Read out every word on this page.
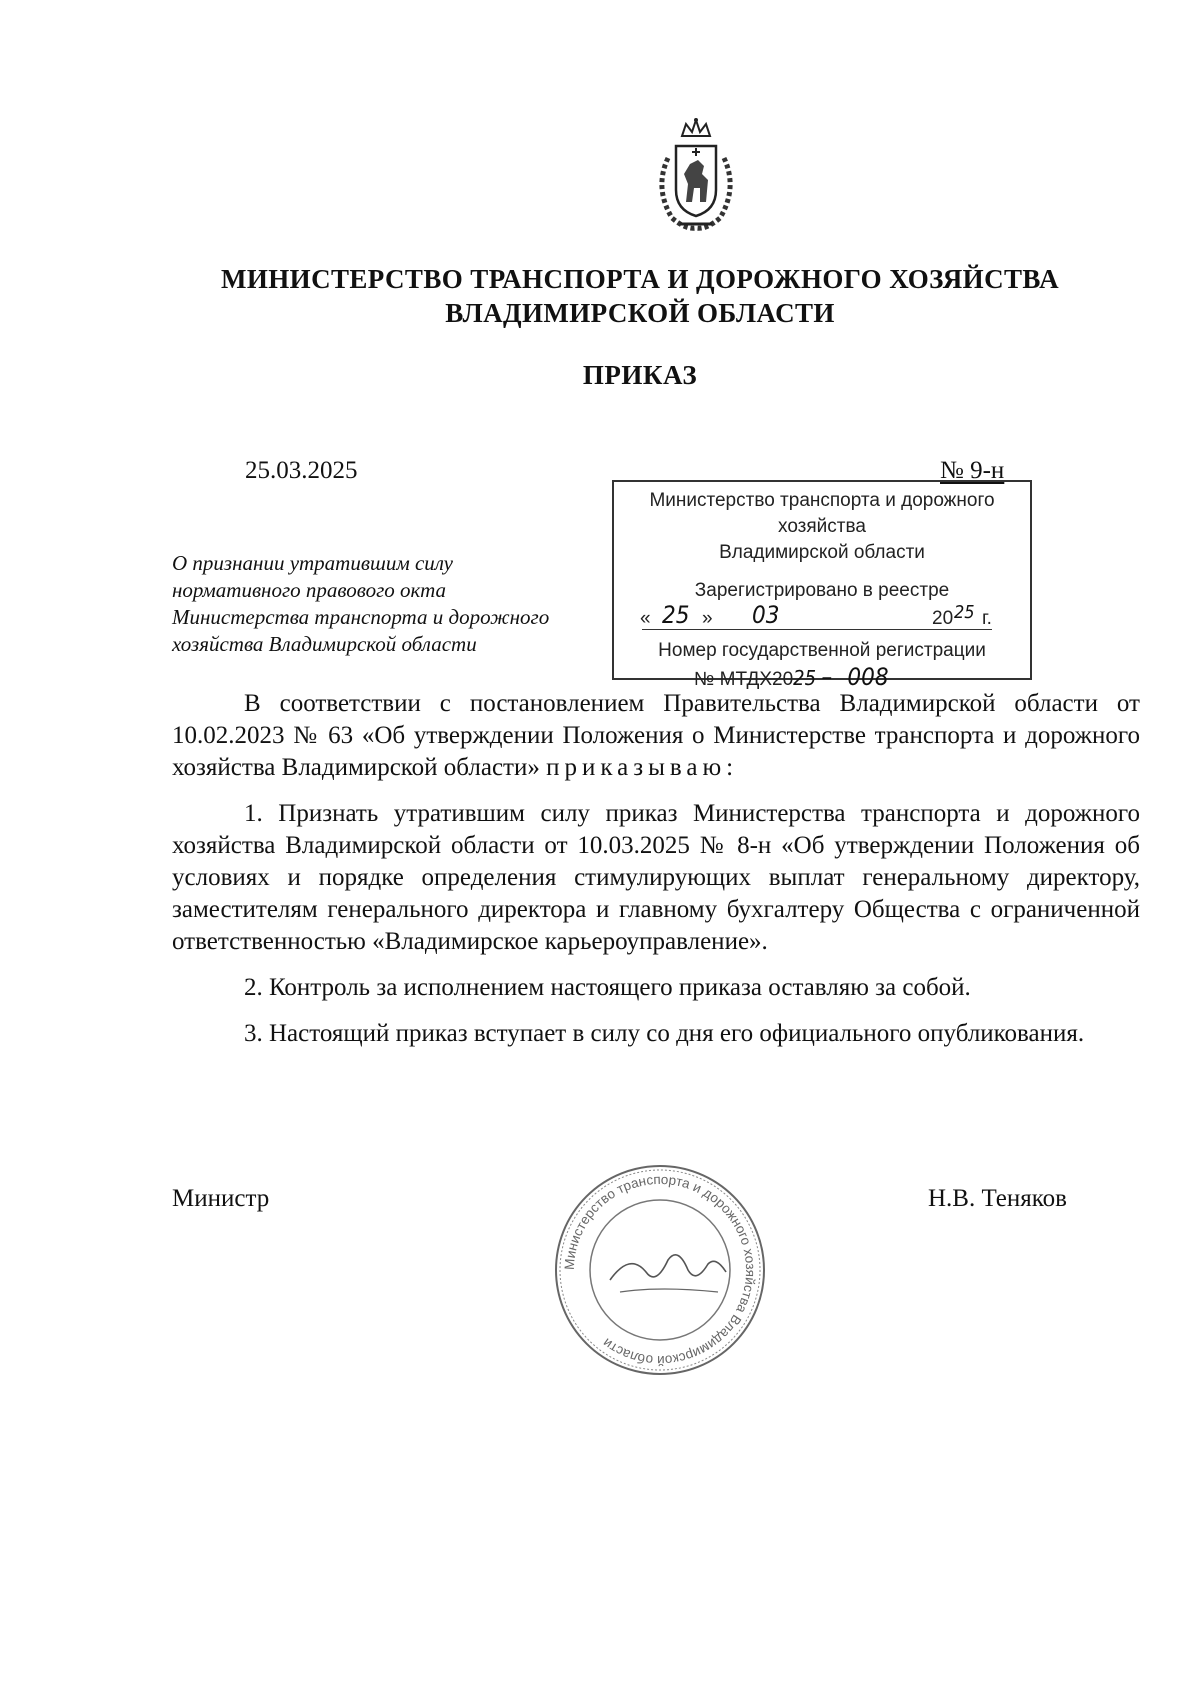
МИНИСТЕРСТВО ТРАНСПОРТА И ДОРОЖНОГО ХОЗЯЙСТВА
ВЛАДИМИРСКОЙ ОБЛАСТИ
ПРИКАЗ
25.03.2025	№ 9-н
Министерство транспорта и дорожного хозяйства
Владимирской области
Зарегистрировано в реестре
« 25 » 03	20 25 г.
Номер государственной регистрации
№ МТДХ2025 – 008
О признании утратившим силу
нормативного правового окта
Министерства транспорта и дорожного
хозяйства Владимирской области

В соответствии с постановлением Правительства Владимирской области от 10.02.2023 № 63 «Об утверждении Положения о Министерстве транспорта и дорожного хозяйства Владимирской области» приказываю:

1. Признать утратившим силу приказ Министерства транспорта и дорожного хозяйства Владимирской области от 10.03.2025 № 8-н «Об утверждении Положения об условиях и порядке определения стимулирующих выплат генеральному директору, заместителям генерального директора и главному бухгалтеру Общества с ограниченной ответственностью «Владимирское карьероуправление».

2. Контроль за исполнением настоящего приказа оставляю за собой.

3. Настоящий приказ вступает в силу со дня его официального опубликования.

Министр	Н.В. Теняков
Министерство транспорта и дорожного хозяйства Владимирской области
